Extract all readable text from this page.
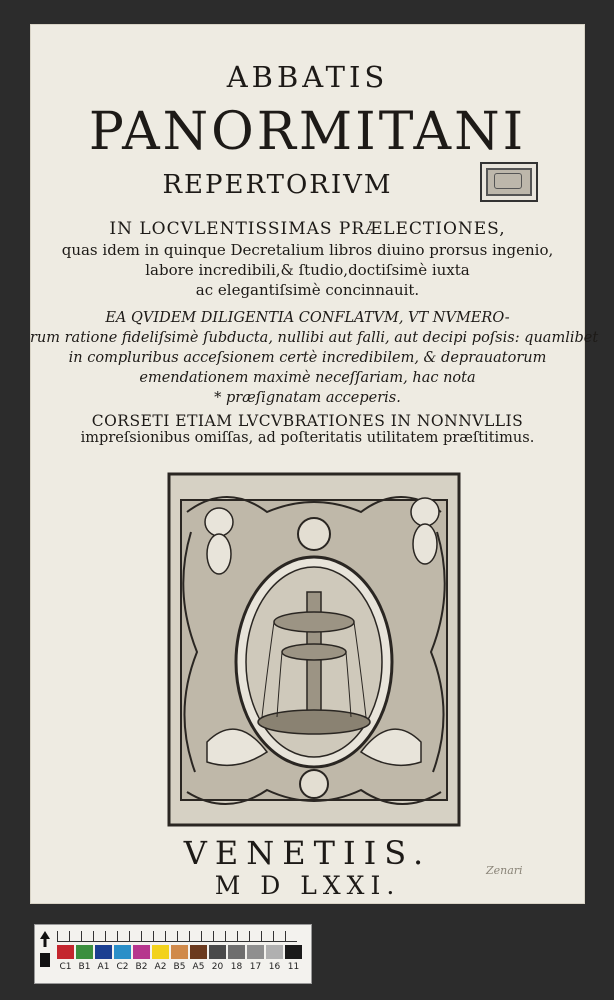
ABBATIS
PANORMITANI
REPERTORIVM
IN LOCVLENTISSIMAS PRÆLECTIONES,
quas idem in quinque Decretalium libros diuino prorsus ingenio,
labore incredibili,& ſtudio,doctiſsimè iuxta
ac elegantiſsimè concinnauit.
EA QVIDEM DILIGENTIA CONFLATVM, VT NVMERO-
rum ratione fideliſsimè ſubducta, nullibi aut falli, aut decipi poſsis: quamlibet
in compluribus acceſsionem certè incredibilem, & deprauatorum
emendationem maximè neceſſariam, hac nota
* præſignatam acceperis.
CORSETI ETIAM LVCVBRATIONES IN NONNVLLIS
impreſsionibus omiſſas, ad poſteritatis utilitatem præſtitimus.
VENETIIS.
M D LXXI.
Zenari
C1 B1 A1 C2 B2 A2 B5 A5 20 18 17 16 11
